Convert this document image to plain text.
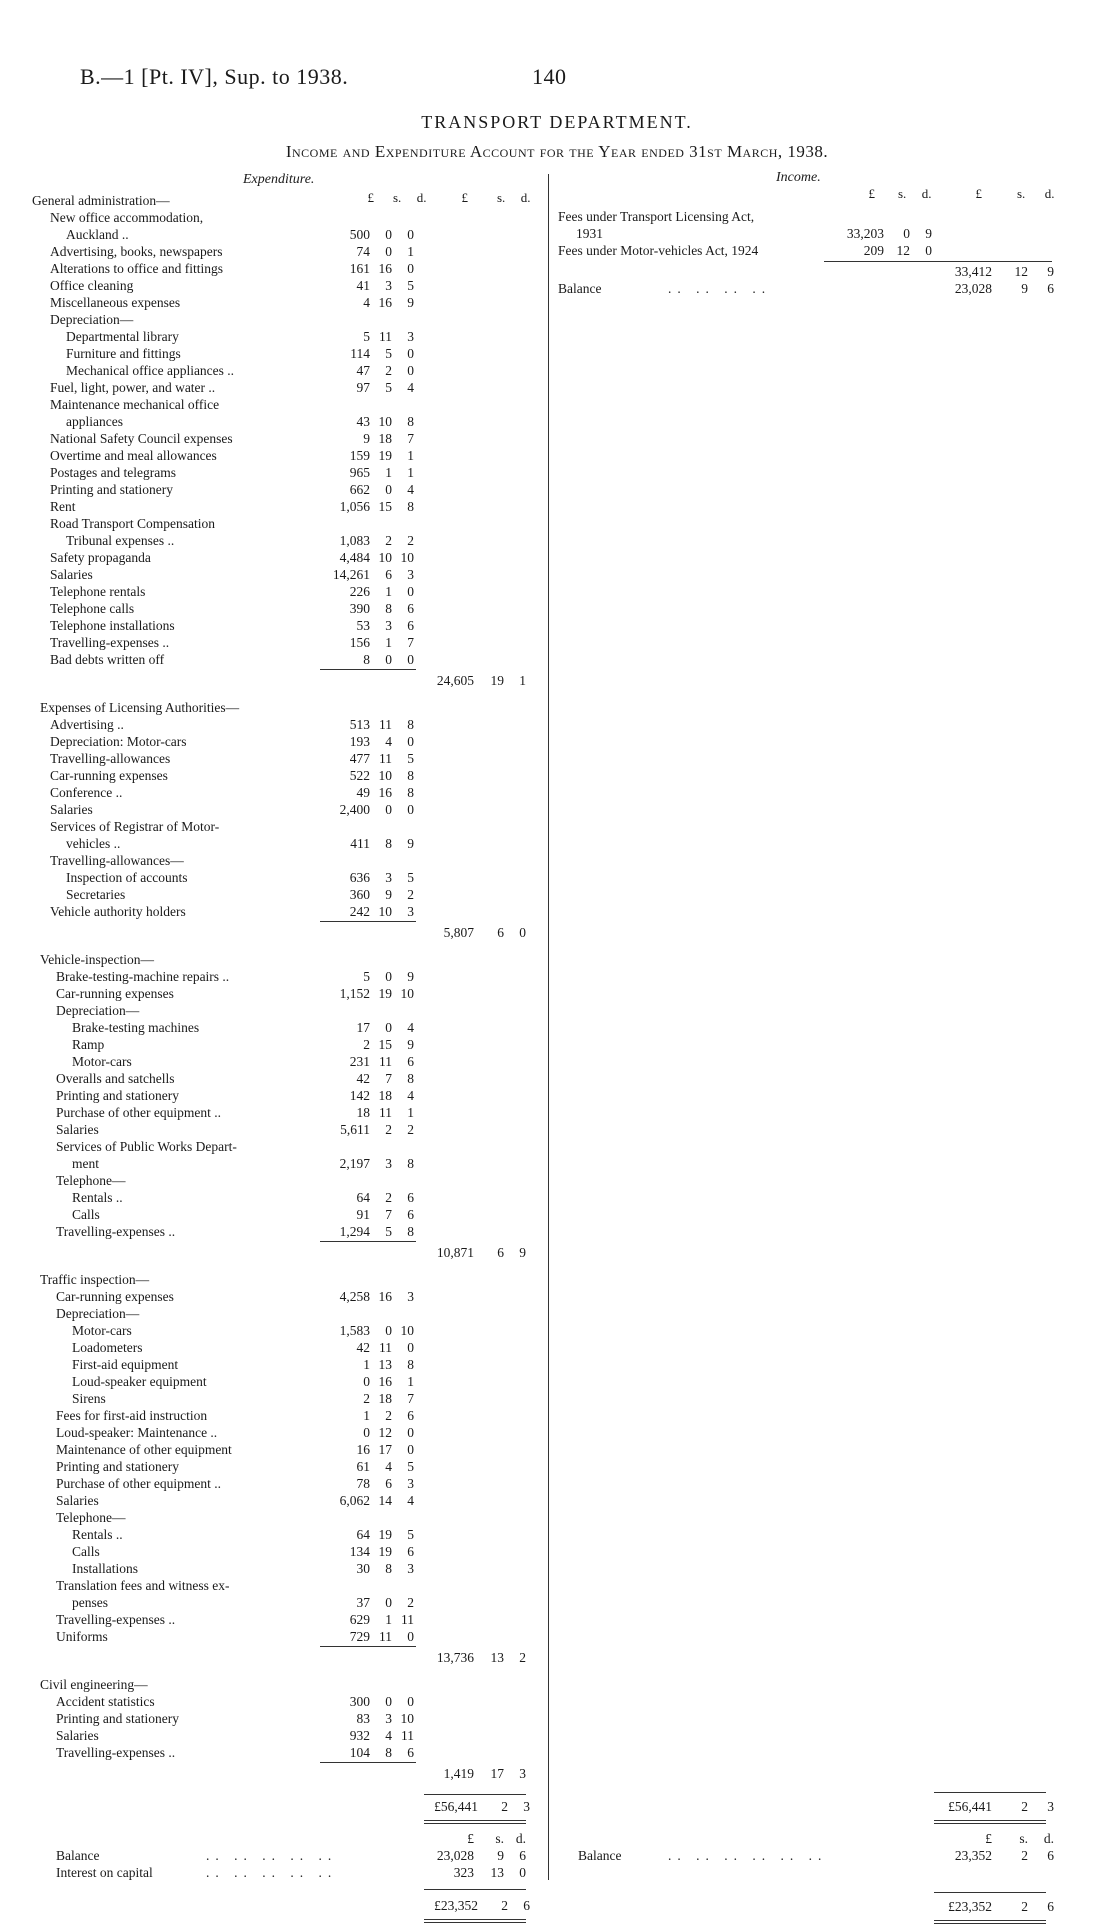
B.—1 [Pt. IV], Sup. to 1938.	140
TRANSPORT DEPARTMENT.
Income and Expenditure Account for the Year ended 31st March, 1938.
Expenditure.
£ s. d.	£ s. d.
Income.
£ s. d.	£	s. d.
General administration—
New office accommodation,
Auckland ..	500 0 0
Advertising, books, newspapers	74 0 1
Alterations to office and fittings	161 16 0
Office cleaning	41 3 5
Miscellaneous expenses	4 16 9
Depreciation—
Departmental library	5 11 3
Furniture and fittings	114 5 0
Mechanical office appliances ..	47 2 0
Fuel, light, power, and water ..	97 5 4
Maintenance mechanical office
appliances	43 10 8
National Safety Council expenses	9 18 7
Overtime and meal allowances	159 19 1
Postages and telegrams	965 1 1
Printing and stationery	662 0 4
Rent	1,056 15 8
Road Transport Compensation
Tribunal expenses ..	1,083 2 2
Safety propaganda	4,484 10 10
Salaries	14,261 6 3
Telephone rentals	226 1 0
Telephone calls	390 8 6
Telephone installations	53 3 6
Travelling-expenses ..	156 1 7
Bad debts written off	8 0 0
24,605 19 1
Expenses of Licensing Authorities—
Advertising ..	513 11 8
Depreciation: Motor-cars	193 4 0
Travelling-allowances	477 11 5
Car-running expenses	522 10 8
Conference ..	49 16 8
Salaries	2,400 0 0
Services of Registrar of Motor-
vehicles ..	411 8 9
Travelling-allowances—
Inspection of accounts	636 3 5
Secretaries	360 9 2
Vehicle authority holders	242 10 3
5,807 6 0
Vehicle-inspection—
Brake-testing-machine repairs ..	5 0 9
Car-running expenses	1,152 19 10
Depreciation—
Brake-testing machines	17 0 4
Ramp	2 15 9
Motor-cars	231 11 6
Overalls and satchells	42 7 8
Printing and stationery	142 18 4
Purchase of other equipment ..	18 11 1
Salaries	5,611 2 2
Services of Public Works Depart-
ment	2,197 3 8
Telephone—
Rentals ..	64 2 6
Calls	91 7 6
Travelling-expenses ..	1,294 5 8
10,871 6 9
Traffic inspection—
Car-running expenses	4,258 16 3
Depreciation—
Motor-cars	1,583 0 10
Loadometers	42 11 0
First-aid equipment	1 13 8
Loud-speaker equipment	0 16 1
Sirens	2 18 7
Fees for first-aid instruction	1 2 6
Loud-speaker: Maintenance ..	0 12 0
Maintenance of other equipment	16 17 0
Printing and stationery	61 4 5
Purchase of other equipment ..	78 6 3
Salaries	6,062 14 4
Telephone—
Rentals ..	64 19 5
Calls	134 19 6
Installations	30 8 3
Translation fees and witness ex-
penses	37 0 2
Travelling-expenses ..	629 1 11
Uniforms	729 11 0
13,736 13 2
Civil engineering—
Accident statistics	300 0 0
Printing and stationery	83 3 10
Salaries	932 4 11
Travelling-expenses ..	104 8 6
1,419 17 3
£56,441 2 3
£ s. d.
Balance	.. .. .. .. ..	23,028 9 6
Interest on capital	.. .. .. .. ..	323 13 0
£23,352 2 6
Fees under Transport Licensing Act,
1931	33,203 0 9
Fees under Motor-vehicles Act, 1924	209 12 0
33,412 12 9
Balance	.. .. .. ..	23,028 9 6
£56,441 2 3
£ s. d.
Balance	.. .. .. .. .. ..	23,352 2 6
£23,352 2 6
